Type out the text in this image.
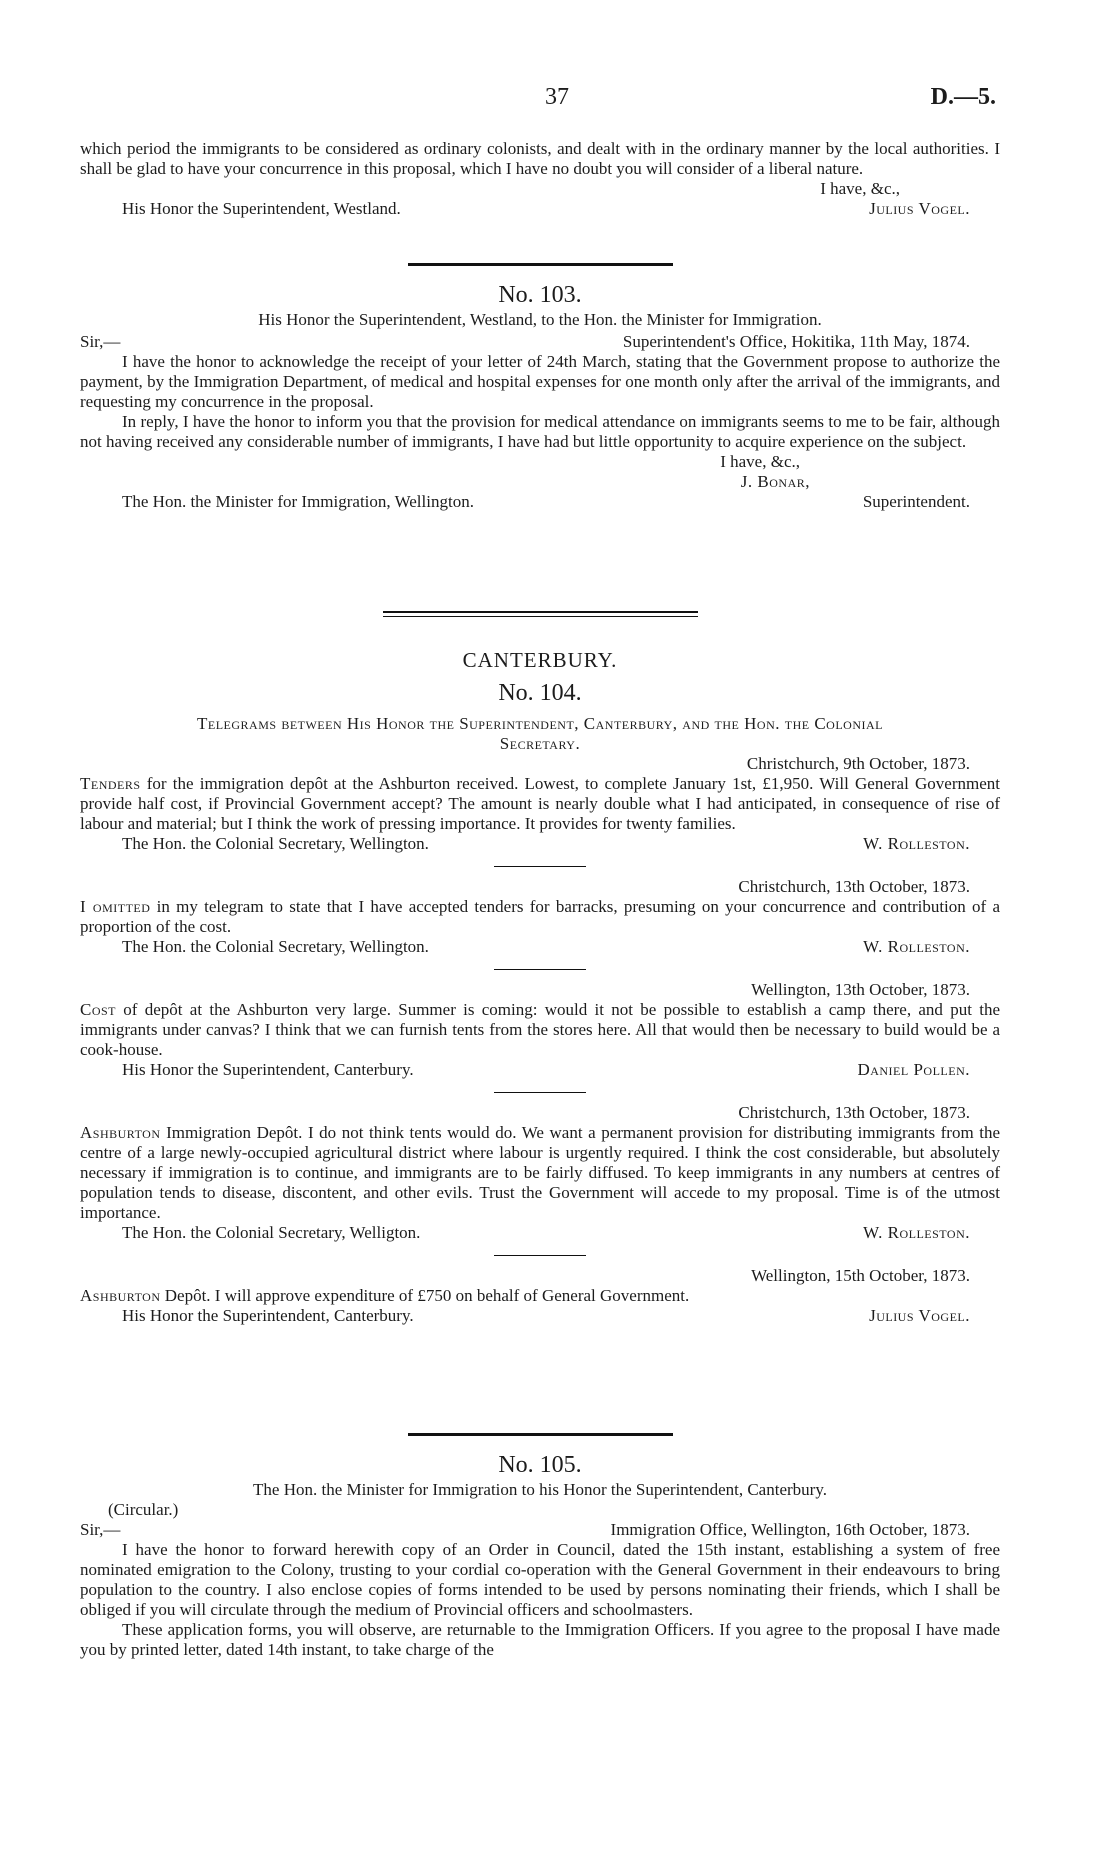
37	D.—5.

which period the immigrants to be considered as ordinary colonists, and dealt with in the ordinary manner by the local authorities. I shall be glad to have your concurrence in this proposal, which I have no doubt you will consider of a liberal nature.

I have, &c.,
His Honor the Superintendent, Westland.	Julius Vogel.
No. 103.
His Honor the Superintendent, Westland, to the Hon. the Minister for Immigration.
Sir,—	Superintendent's Office, Hokitika, 11th May, 1874.

I have the honor to acknowledge the receipt of your letter of 24th March, stating that the Government propose to authorize the payment, by the Immigration Department, of medical and hospital expenses for one month only after the arrival of the immigrants, and requesting my concurrence in the proposal.

In reply, I have the honor to inform you that the provision for medical attendance on immigrants seems to me to be fair, although not having received any considerable number of immigrants, I have had but little opportunity to acquire experience on the subject.

I have, &c.,
J. Bonar,
The Hon. the Minister for Immigration, Wellington.	Superintendent.
CANTERBURY.
No. 104.
Telegrams between His Honor the Superintendent, Canterbury, and the Hon. the Colonial
Secretary.
Christchurch, 9th October, 1873.

Tenders for the immigration depôt at the Ashburton received. Lowest, to complete January 1st, £1,950. Will General Government provide half cost, if Provincial Government accept? The amount is nearly double what I had anticipated, in consequence of rise of labour and material; but I think the work of pressing importance. It provides for twenty families.

The Hon. the Colonial Secretary, Wellington.	W. Rolleston.
Christchurch, 13th October, 1873.

I omitted in my telegram to state that I have accepted tenders for barracks, presuming on your concurrence and contribution of a proportion of the cost.

The Hon. the Colonial Secretary, Wellington.	W. Rolleston.
Wellington, 13th October, 1873.

Cost of depôt at the Ashburton very large. Summer is coming: would it not be possible to establish a camp there, and put the immigrants under canvas? I think that we can furnish tents from the stores here. All that would then be necessary to build would be a cook-house.

His Honor the Superintendent, Canterbury.	Daniel Pollen.
Christchurch, 13th October, 1873.

Ashburton Immigration Depôt. I do not think tents would do. We want a permanent provision for distributing immigrants from the centre of a large newly-occupied agricultural district where labour is urgently required. I think the cost considerable, but absolutely necessary if immigration is to continue, and immigrants are to be fairly diffused. To keep immigrants in any numbers at centres of population tends to disease, discontent, and other evils. Trust the Government will accede to my proposal. Time is of the utmost importance.

The Hon. the Colonial Secretary, Welligton.	W. Rolleston.
Wellington, 15th October, 1873.

Ashburton Depôt. I will approve expenditure of £750 on behalf of General Government.

His Honor the Superintendent, Canterbury.	Julius Vogel.
No. 105.
The Hon. the Minister for Immigration to his Honor the Superintendent, Canterbury.
(Circular.)
Sir,—	Immigration Office, Wellington, 16th October, 1873.

I have the honor to forward herewith copy of an Order in Council, dated the 15th instant, establishing a system of free nominated emigration to the Colony, trusting to your cordial co-operation with the General Government in their endeavours to bring population to the country. I also enclose copies of forms intended to be used by persons nominating their friends, which I shall be obliged if you will circulate through the medium of Provincial officers and schoolmasters.

These application forms, you will observe, are returnable to the Immigration Officers. If you agree to the proposal I have made you by printed letter, dated 14th instant, to take charge of the
